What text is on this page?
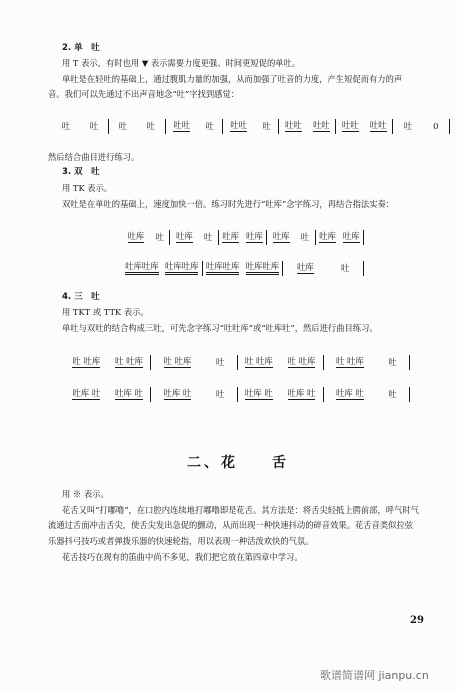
2. 单　吐
用 T 表示，有时也用 ▼ 表示需要力度更强、时间更短促的单吐。
单吐是在轻吐的基础上，通过腹肌力量的加强，从而加强了吐音的力度，产生短促而有力的声
音。我们可以先通过不出声音地念“吐”字找到感觉：
吐 吐 吐 吐 吐吐 吐 吐吐 吐 吐吐 吐吐 吐吐 吐吐 吐	0
然后结合曲目进行练习。
3. 双　吐
用 TK 表示。
双吐是在单吐的基础上，速度加快一倍。练习时先进行“吐库”念字练习，再结合指法实奏：
吐库 吐 吐库 吐 吐库 吐库 吐库 吐 吐库 吐库
吐库吐库 吐库吐库 吐库吐库 吐库吐库 吐库	吐
4. 三　吐
用 TKT 或 TTK 表示。
单吐与双吐的结合构成三吐，可先念字练习“吐吐库”或“吐库吐”，然后进行曲目练习。
吐 吐库 吐 吐库 吐 吐库	吐 吐 吐库 吐 吐库 吐 吐库	吐
吐库 吐 吐库 吐 吐库 吐	吐 吐库 吐 吐库 吐 吐库 吐	吐
二、花　　舌
用 ※ 表示。
花舌又叫“打嘟噜”，在口腔内连续地打嘟噜即是花舌。其方法是：将舌尖轻抵上腭前部，呼气时气
流通过舌面冲击舌尖，使舌尖发出急促的颤动，从而出现一种快速抖动的碎音效果。花舌音类似拉弦
乐器抖弓技巧或者弹拨乐器的快速轮指，用以表现一种活泼欢快的气氛。
花舌技巧在现有的笛曲中尚不多见，我们把它放在第四章中学习。
29
歌谱简谱网 jianpu.cn
